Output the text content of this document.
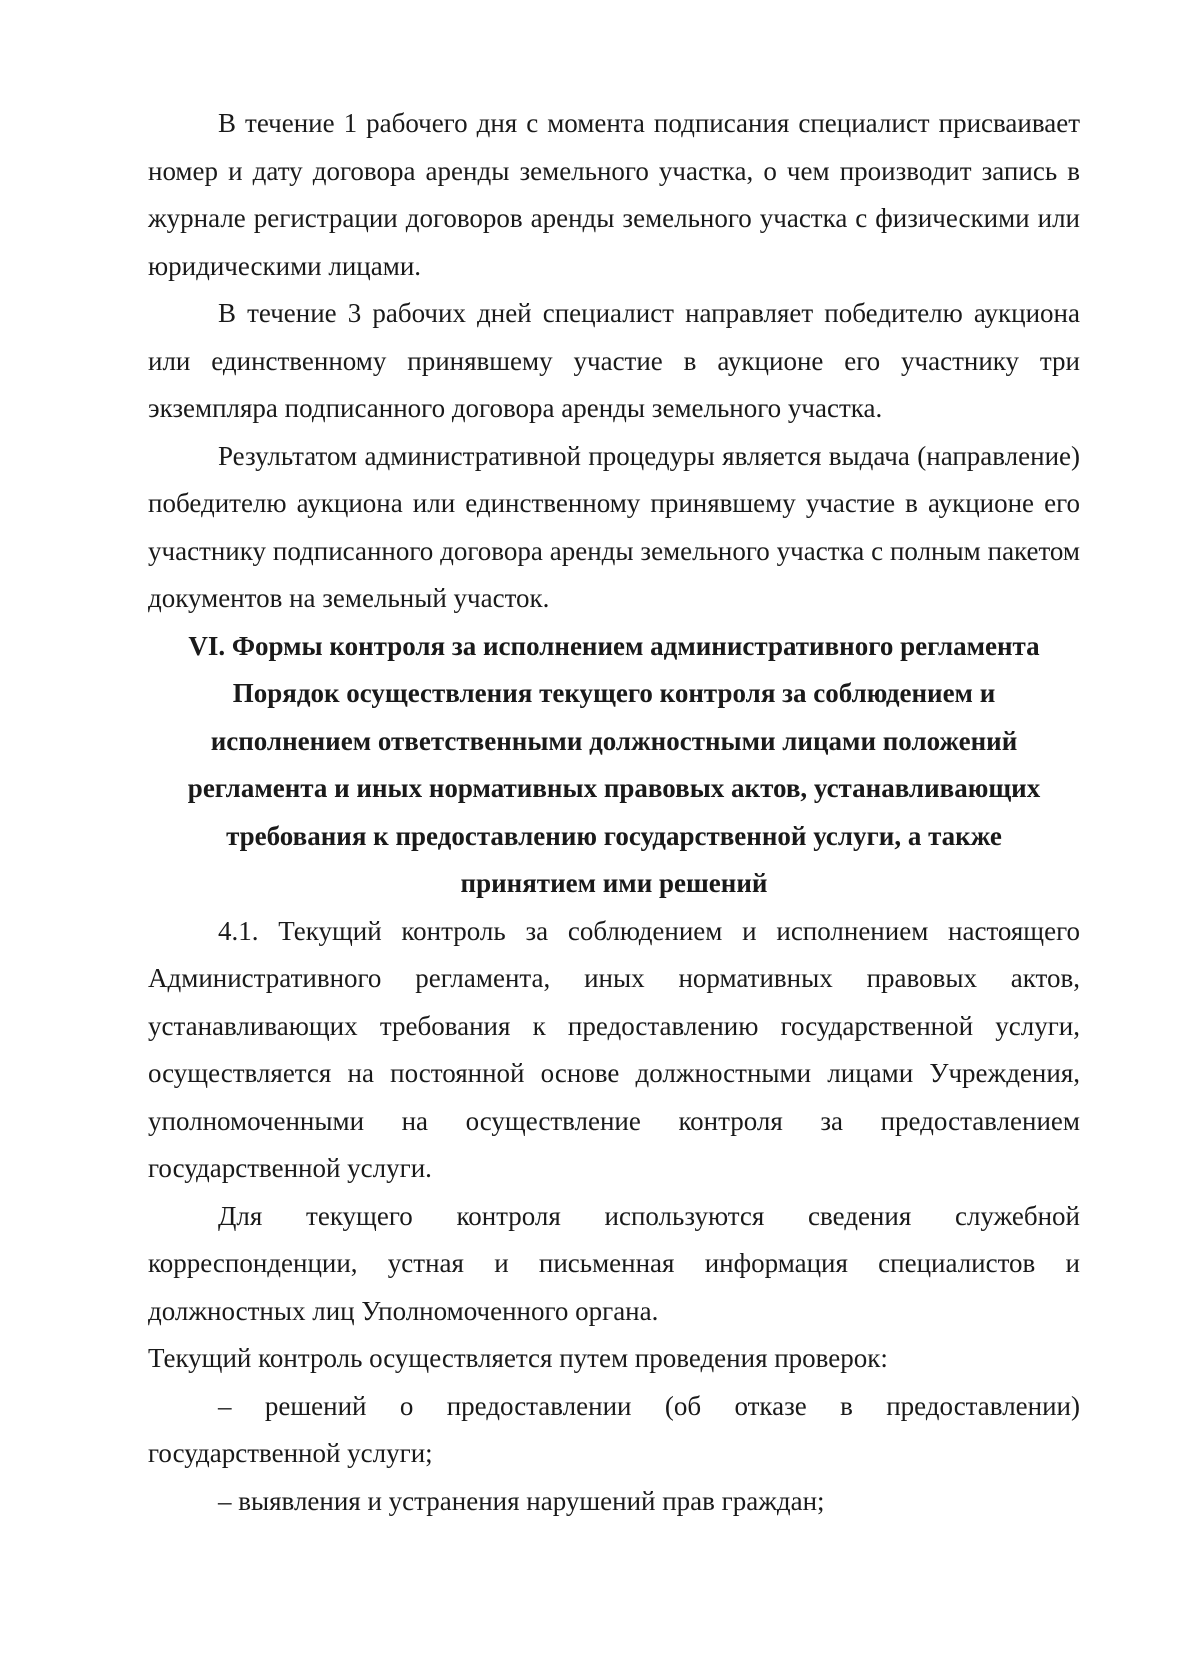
В течение 1 рабочего дня с момента подписания специалист присваивает номер и дату договора аренды земельного участка, о чем производит запись в журнале регистрации договоров аренды земельного участка с физическими или юридическими лицами.

В течение 3 рабочих дней специалист направляет победителю аукциона или единственному принявшему участие в аукционе его участнику три экземпляра подписанного договора аренды земельного участка.

Результатом административной процедуры является выдача (направление) победителю аукциона или единственному принявшему участие в аукционе его участнику подписанного договора аренды земельного участка с полным пакетом документов на земельный участок.

VI. Формы контроля за исполнением административного регламента
Порядок осуществления текущего контроля за соблюдением и
исполнением ответственными должностными лицами положений
регламента и иных нормативных правовых актов, устанавливающих
требования к предоставлению государственной услуги, а также
принятием ими решений

4.1. Текущий контроль за соблюдением и исполнением настоящего Административного регламента, иных нормативных правовых актов, устанавливающих требования к предоставлению государственной услуги, осуществляется на постоянной основе должностными лицами Учреждения, уполномоченными на осуществление контроля за предоставлением государственной услуги.

Для текущего контроля используются сведения служебной корреспонденции, устная и письменная информация специалистов и должностных лиц Уполномоченного органа.

Текущий контроль осуществляется путем проведения проверок:

– решений о предоставлении (об отказе в предоставлении) государственной услуги;

– выявления и устранения нарушений прав граждан;
